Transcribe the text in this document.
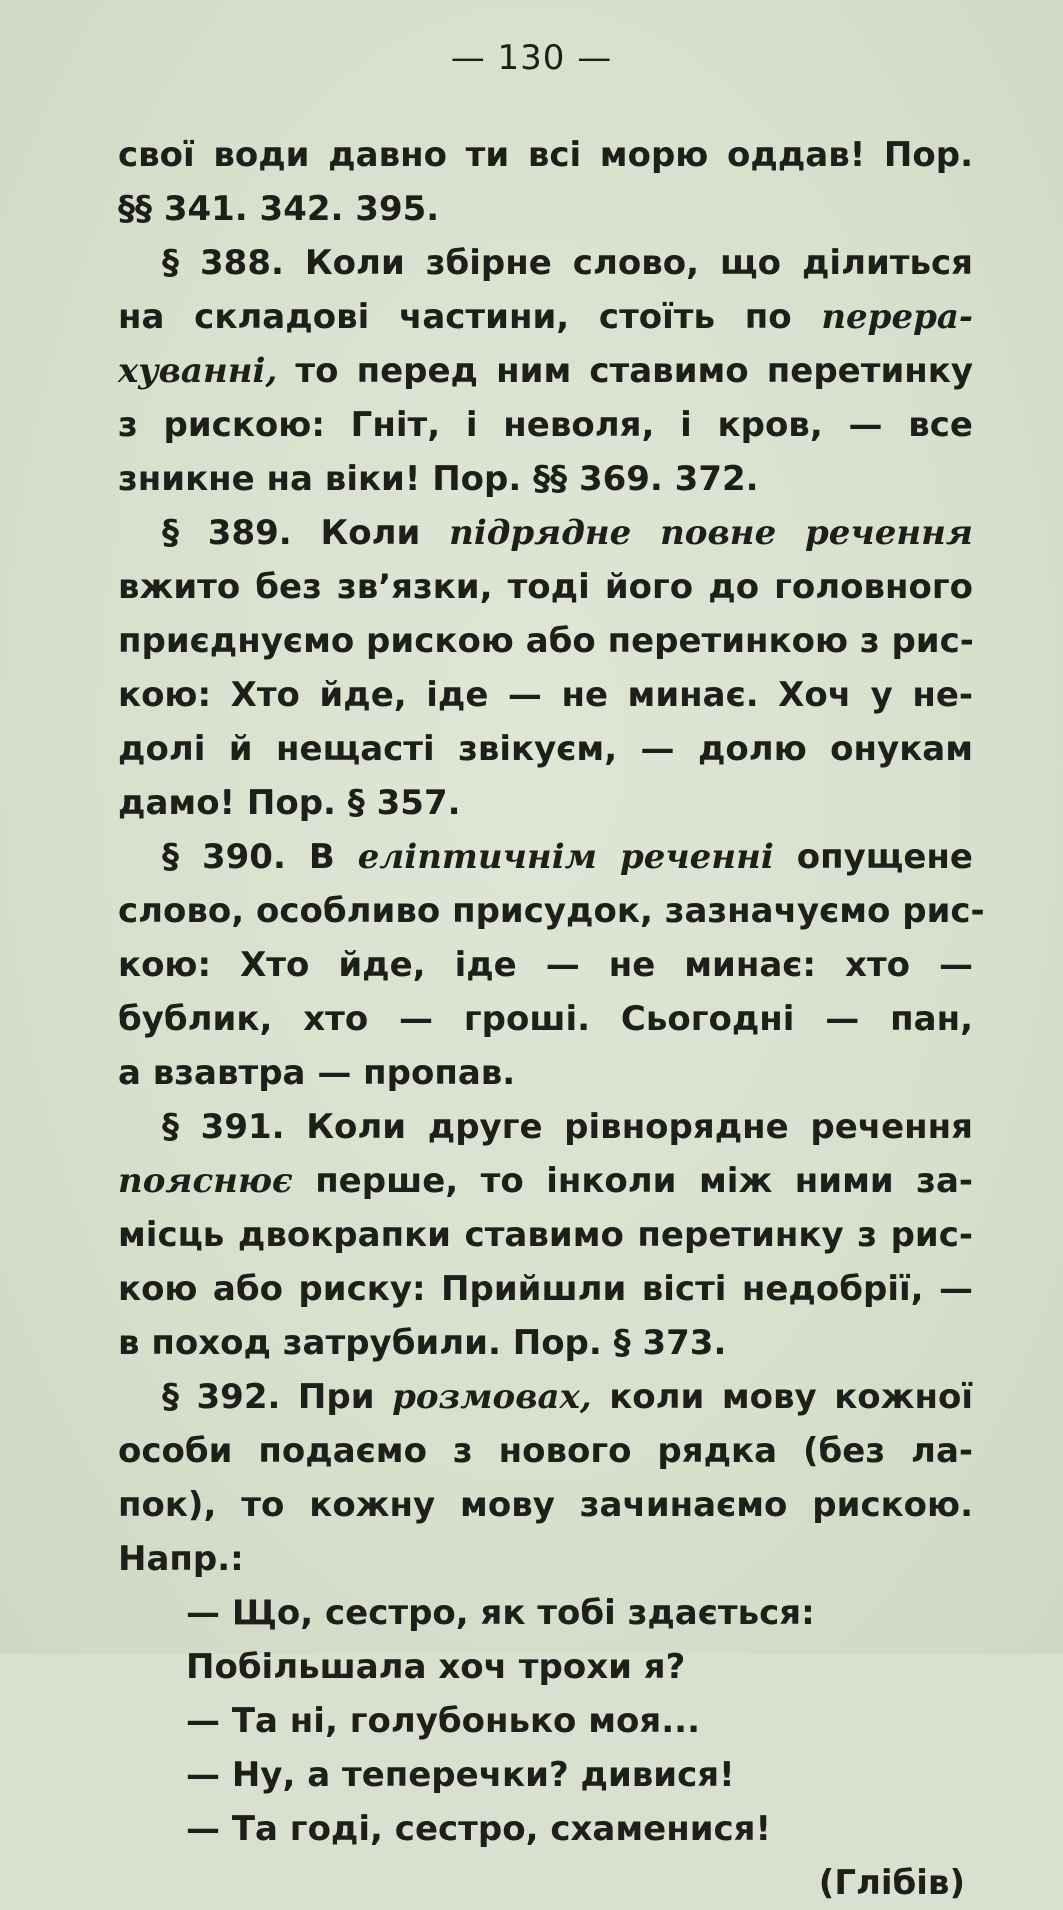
— 130 —
свої води давно ти всі морю оддав! Пор.
§§ 341. 342. 395.
§ 388. Коли збірне слово, що ділиться
на складові частини, стоїть по перера-
хуванні, то перед ним ставимо перетинку
з рискою: Гніт, і неволя, і кров, — все
зникне на віки! Пор. §§ 369. 372.
§ 389. Коли підрядне повне речення
вжито без зв’язки, тоді його до головного
приєднуємо рискою або перетинкою з рис-
кою: Хто йде, іде — не минає. Хоч у не-
долі й нещасті звікуєм, — долю онукам
дамо! Пор. § 357.
§ 390. В еліптичнім реченні опущене
слово, особливо присудок, зазначуємо рис-
кою: Хто йде, іде — не минає: хто —
бублик, хто — гроші. Сьогодні — пан,
а взавтра — пропав.
§ 391. Коли друге рівнорядне речення
пояснює перше, то інколи між ними за-
місць двокрапки ставимо перетинку з рис-
кою або риску: Прийшли вісті недобрії, —
в поход затрубили. Пор. § 373.
§ 392. При розмовах, коли мову кожної
особи подаємо з нового рядка (без ла-
пок), то кожну мову зачинаємо рискою.
Напр.:
— Що, сестро, як тобі здається:
Побільшала хоч трохи я?
— Та ні, голубонько моя...
— Ну, а теперечки? дивися!
— Та годі, сестро, схаменися!
(Глібів)
